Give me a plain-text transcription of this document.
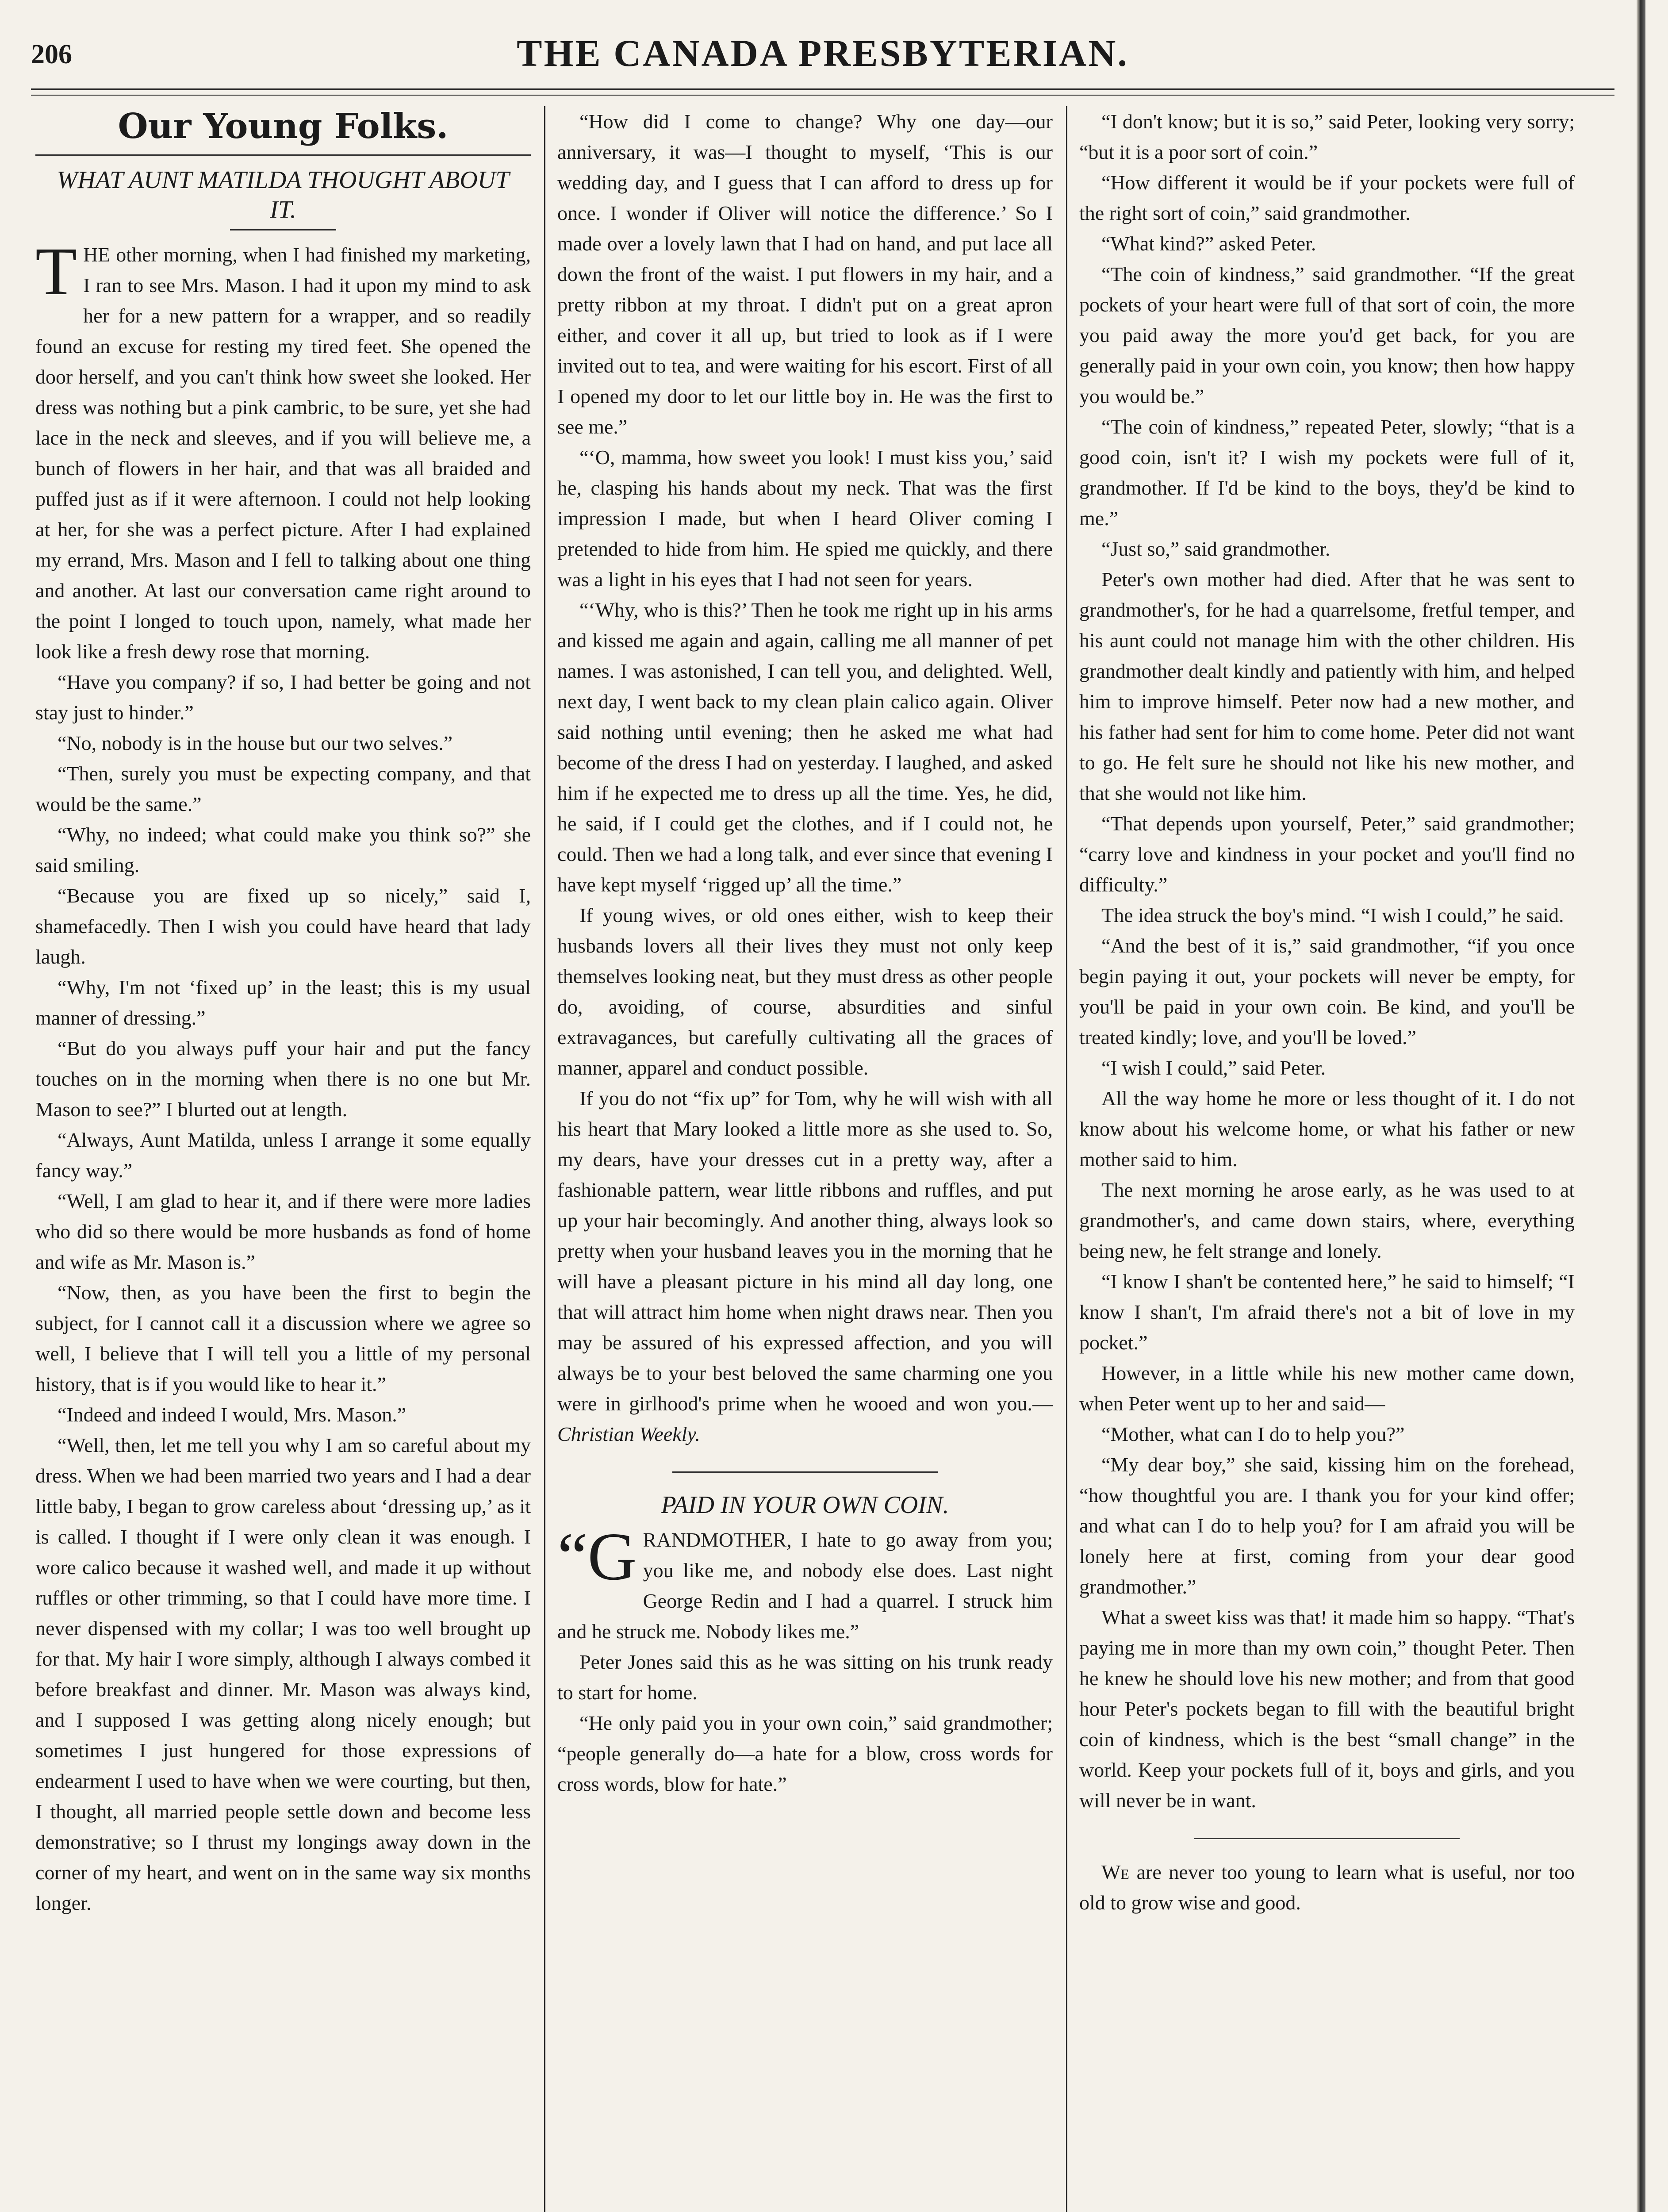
206	THE CANADA PRESBYTERIAN.
Our Young Folks.
WHAT AUNT MATILDA THOUGHT ABOUT IT.

THE other morning, when I had finished my marketing, I ran to see Mrs. Mason. I had it upon my mind to ask her for a new pattern for a wrapper, and so readily found an excuse for resting my tired feet. She opened the door herself, and you can't think how sweet she looked. Her dress was nothing but a pink cambric, to be sure, yet she had lace in the neck and sleeves, and if you will believe me, a bunch of flowers in her hair, and that was all braided and puffed just as if it were afternoon. I could not help looking at her, for she was a perfect picture. After I had explained my errand, Mrs. Mason and I fell to talking about one thing and another. At last our conversation came right around to the point I longed to touch upon, namely, what made her look like a fresh dewy rose that morning.

“Have you company? if so, I had better be going and not stay just to hinder.”

“No, nobody is in the house but our two selves.”

“Then, surely you must be expecting company, and that would be the same.”

“Why, no indeed; what could make you think so?” she said smiling.

“Because you are fixed up so nicely,” said I, shamefacedly. Then I wish you could have heard that lady laugh.

“Why, I'm not ‘fixed up’ in the least; this is my usual manner of dressing.”

“But do you always puff your hair and put the fancy touches on in the morning when there is no one but Mr. Mason to see?” I blurted out at length.

“Always, Aunt Matilda, unless I arrange it some equally fancy way.”

“Well, I am glad to hear it, and if there were more ladies who did so there would be more husbands as fond of home and wife as Mr. Mason is.”

“Now, then, as you have been the first to begin the subject, for I cannot call it a discussion where we agree so well, I believe that I will tell you a little of my personal history, that is if you would like to hear it.”

“Indeed and indeed I would, Mrs. Mason.”

“Well, then, let me tell you why I am so careful about my dress. When we had been married two years and I had a dear little baby, I began to grow careless about ‘dressing up,’ as it is called. I thought if I were only clean it was enough. I wore calico because it washed well, and made it up without ruffles or other trimming, so that I could have more time. I never dispensed with my collar; I was too well brought up for that. My hair I wore simply, although I always combed it before breakfast and dinner. Mr. Mason was always kind, and I supposed I was getting along nicely enough; but sometimes I just hungered for those expressions of endearment I used to have when we were courting, but then, I thought, all married people settle down and become less demonstrative; so I thrust my longings away down in the corner of my heart, and went on in the same way six months longer.

“How did I come to change? Why one day—our anniversary, it was—I thought to myself, ‘This is our wedding day, and I guess that I can afford to dress up for once. I wonder if Oliver will notice the difference.’ So I made over a lovely lawn that I had on hand, and put lace all down the front of the waist. I put flowers in my hair, and a pretty ribbon at my throat. I didn't put on a great apron either, and cover it all up, but tried to look as if I were invited out to tea, and were waiting for his escort. First of all I opened my door to let our little boy in. He was the first to see me.”

“‘O, mamma, how sweet you look! I must kiss you,’ said he, clasping his hands about my neck. That was the first impression I made, but when I heard Oliver coming I pretended to hide from him. He spied me quickly, and there was a light in his eyes that I had not seen for years.

“‘Why, who is this?’ Then he took me right up in his arms and kissed me again and again, calling me all manner of pet names. I was astonished, I can tell you, and delighted. Well, next day, I went back to my clean plain calico again. Oliver said nothing until evening; then he asked me what had become of the dress I had on yesterday. I laughed, and asked him if he expected me to dress up all the time. Yes, he did, he said, if I could get the clothes, and if I could not, he could. Then we had a long talk, and ever since that evening I have kept myself ‘rigged up’ all the time.”

If young wives, or old ones either, wish to keep their husbands lovers all their lives they must not only keep themselves looking neat, but they must dress as other people do, avoiding, of course, absurdities and sinful extravagances, but carefully cultivating all the graces of manner, apparel and conduct possible.

If you do not “fix up” for Tom, why he will wish with all his heart that Mary looked a little more as she used to. So, my dears, have your dresses cut in a pretty way, after a fashionable pattern, wear little ribbons and ruffles, and put up your hair becomingly. And another thing, always look so pretty when your husband leaves you in the morning that he will have a pleasant picture in his mind all day long, one that will attract him home when night draws near. Then you may be assured of his expressed affection, and you will always be to your best beloved the same charming one you were in girlhood's prime when he wooed and won you.—Christian Weekly.

PAID IN YOUR OWN COIN.

“GRANDMOTHER, I hate to go away from you; you like me, and nobody else does. Last night George Redin and I had a quarrel. I struck him and he struck me. Nobody likes me.”

Peter Jones said this as he was sitting on his trunk ready to start for home.

“He only paid you in your own coin,” said grandmother; “people generally do—a hate for a blow, cross words for cross words, blow for hate.”

“I don't know; but it is so,” said Peter, looking very sorry; “but it is a poor sort of coin.”

“How different it would be if your pockets were full of the right sort of coin,” said grandmother.

“What kind?” asked Peter.

“The coin of kindness,” said grandmother. “If the great pockets of your heart were full of that sort of coin, the more you paid away the more you'd get back, for you are generally paid in your own coin, you know; then how happy you would be.”

“The coin of kindness,” repeated Peter, slowly; “that is a good coin, isn't it? I wish my pockets were full of it, grandmother. If I'd be kind to the boys, they'd be kind to me.”

“Just so,” said grandmother.

Peter's own mother had died. After that he was sent to grandmother's, for he had a quarrelsome, fretful temper, and his aunt could not manage him with the other children. His grandmother dealt kindly and patiently with him, and helped him to improve himself. Peter now had a new mother, and his father had sent for him to come home. Peter did not want to go. He felt sure he should not like his new mother, and that she would not like him.

“That depends upon yourself, Peter,” said grandmother; “carry love and kindness in your pocket and you'll find no difficulty.”

The idea struck the boy's mind. “I wish I could,” he said.

“And the best of it is,” said grandmother, “if you once begin paying it out, your pockets will never be empty, for you'll be paid in your own coin. Be kind, and you'll be treated kindly; love, and you'll be loved.”

“I wish I could,” said Peter.

All the way home he more or less thought of it. I do not know about his welcome home, or what his father or new mother said to him.

The next morning he arose early, as he was used to at grandmother's, and came down stairs, where, everything being new, he felt strange and lonely.

“I know I shan't be contented here,” he said to himself; “I know I shan't, I'm afraid there's not a bit of love in my pocket.”

However, in a little while his new mother came down, when Peter went up to her and said—

“Mother, what can I do to help you?”

“My dear boy,” she said, kissing him on the forehead, “how thoughtful you are. I thank you for your kind offer; and what can I do to help you? for I am afraid you will be lonely here at first, coming from your dear good grandmother.”

What a sweet kiss was that! it made him so happy. “That's paying me in more than my own coin,” thought Peter. Then he knew he should love his new mother; and from that good hour Peter's pockets began to fill with the beautiful bright coin of kindness, which is the best “small change” in the world. Keep your pockets full of it, boys and girls, and you will never be in want.

We are never too young to learn what is useful, nor too old to grow wise and good.
